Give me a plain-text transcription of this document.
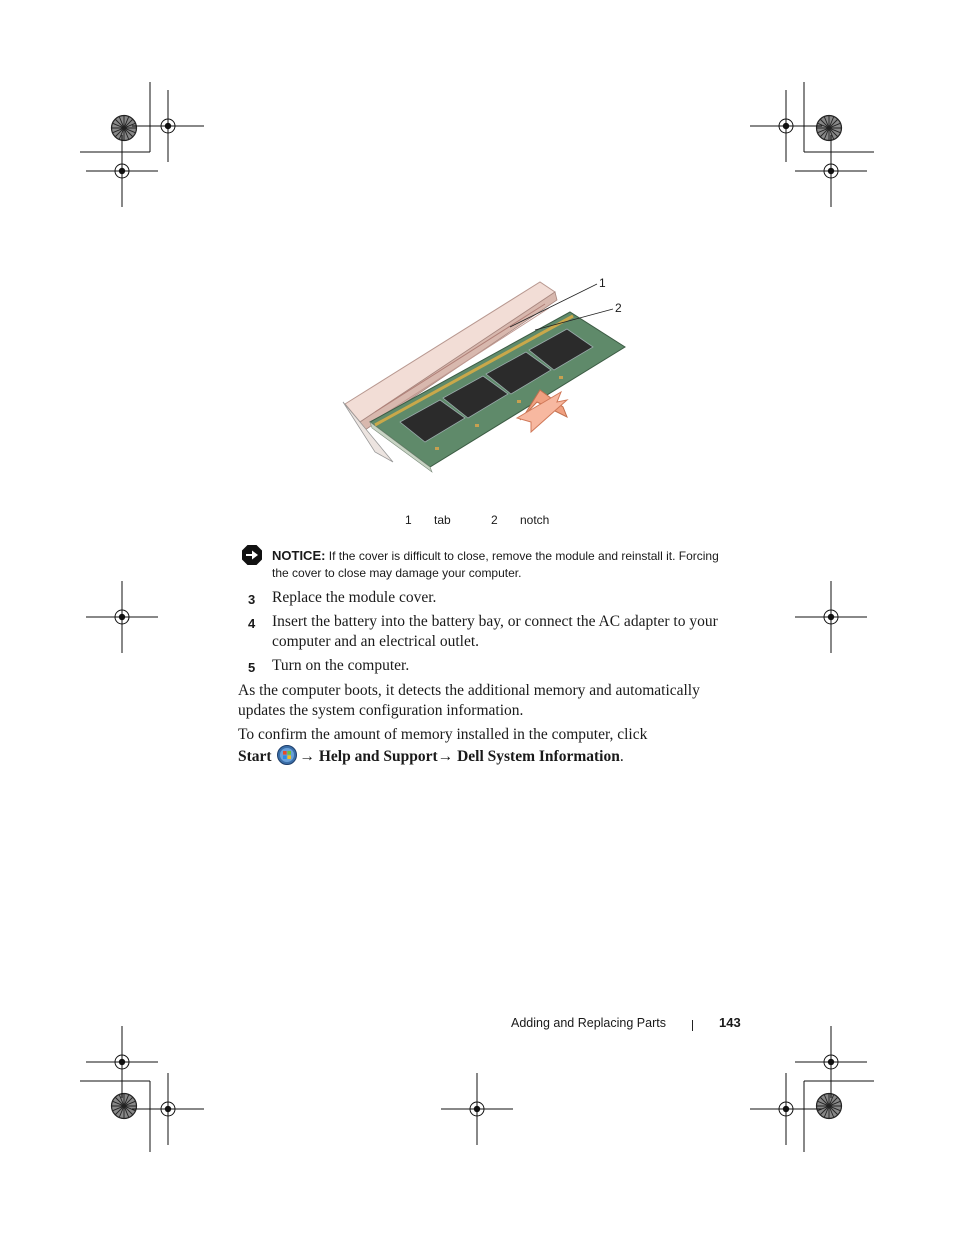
1
2
1 tab	2 notch
NOTICE: If the cover is difficult to close, remove the module and reinstall it. Forcing
the cover to close may damage your computer.
3 Replace the module cover.
4 Insert the battery into the battery bay, or connect the AC adapter to your
computer and an electrical outlet.
5 Turn on the computer.
As the computer boots, it detects the additional memory and automatically
updates the system configuration information.
To confirm the amount of memory installed in the computer, click
Start → Help and Support→ Dell System Information.
Adding and Replacing Parts	143
